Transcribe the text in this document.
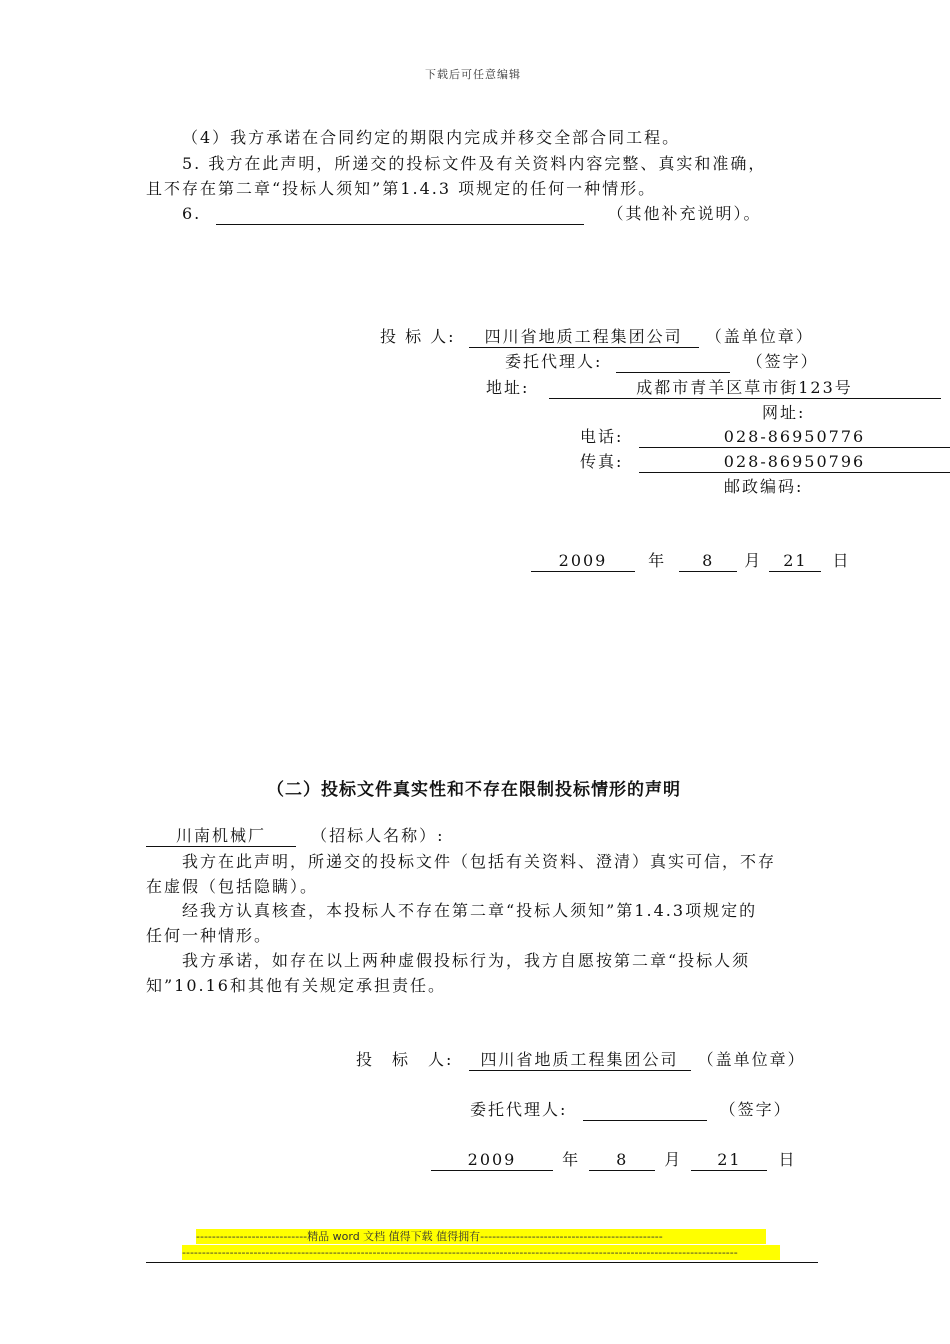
下载后可任意编辑
（4）我方承诺在合同约定的期限内完成并移交全部合同工程。
5. 我方在此声明，所递交的投标文件及有关资料内容完整、真实和准确，
且不存在第二章“投标人须知”第1.4.3 项规定的任何一种情形。
6.	（其他补充说明）。
投 标 人: 四川省地质工程集团公司 （盖单位章）
委托代理人:	（签字）
地址:	成都市青羊区草市街123号
网址:
电话:	028-86950776
传真:	028-86950796
邮政编码:
2009	年 8 月 21 日
（二）投标文件真实性和不存在限制投标情形的声明
川南机械厂	（招标人名称）:
我方在此声明，所递交的投标文件（包括有关资料、澄清）真实可信，不存
在虚假（包括隐瞒）。
经我方认真核查，本投标人不存在第二章“投标人须知”第1.4.3项规定的
任何一种情形。
我方承诺，如存在以上两种虚假投标行为，我方自愿按第二章“投标人须
知”10.16和其他有关规定承担责任。
投　标　人: 四川省地质工程集团公司 （盖单位章）
委托代理人:	（签字）
2009	年 8 月 21 日
----------------------------精品 word 文档 值得下载 值得拥有----------------------------------------------
--------------------------------------------------------------------------------------------------------------------------------------------
